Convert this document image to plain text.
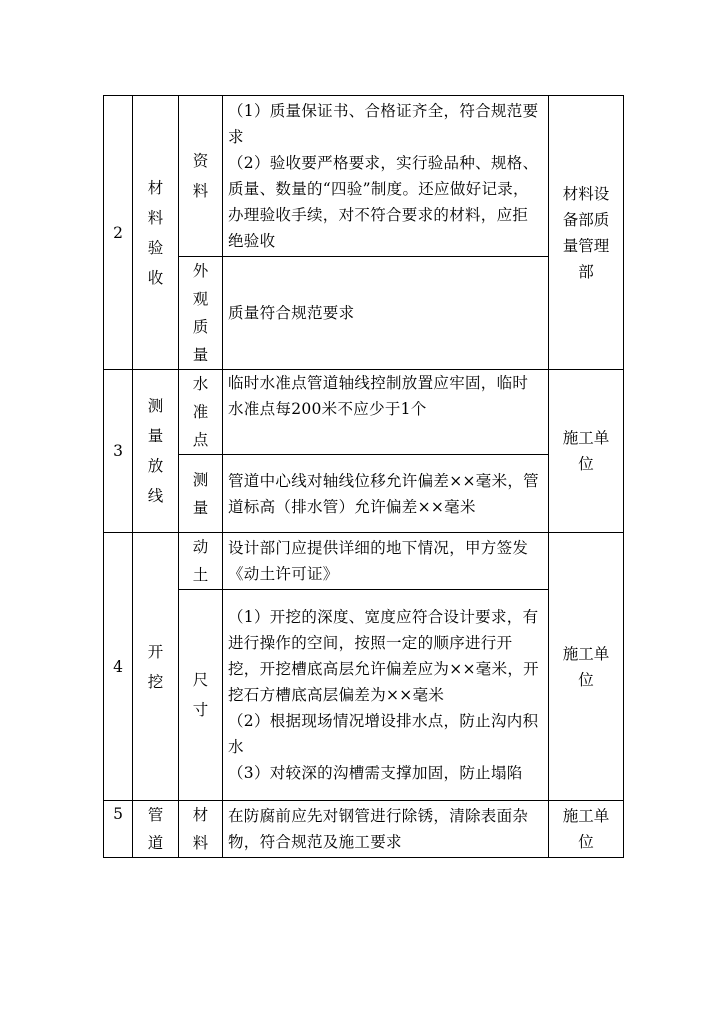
2	材料验收	资料	（1）质量保证书、合格证齐全，符合规范要求
（2）验收要严格要求，实行验品种、规格、质量、数量的“四验”制度。还应做好记录，办理验收手续，对不符合要求的材料，应拒绝验收	材料设备部质量管理部

		外观质量	质量符合规范要求	

3	测量放线	水准点	临时水准点管道轴线控制放置应牢固，临时水准点每200米不应少于1个	施工单位

		测量	管道中心线对轴线位移允许偏差××毫米，管道标高（排水管）允许偏差××毫米	

4	开挖	动土	设计部门应提供详细的地下情况，甲方签发《动土许可证》	施工单位

		尺寸	（1）开挖的深度、宽度应符合设计要求，有进行操作的空间，按照一定的顺序进行开挖，开挖槽底高层允许偏差应为××毫米，开挖石方槽底高层偏差为××毫米
（2）根据现场情况增设排水点，防止沟内积水
（3）对较深的沟槽需支撑加固，防止塌陷	

5	管道	材料	在防腐前应先对钢管进行除锈，清除表面杂物，符合规范及施工要求	施工单位
